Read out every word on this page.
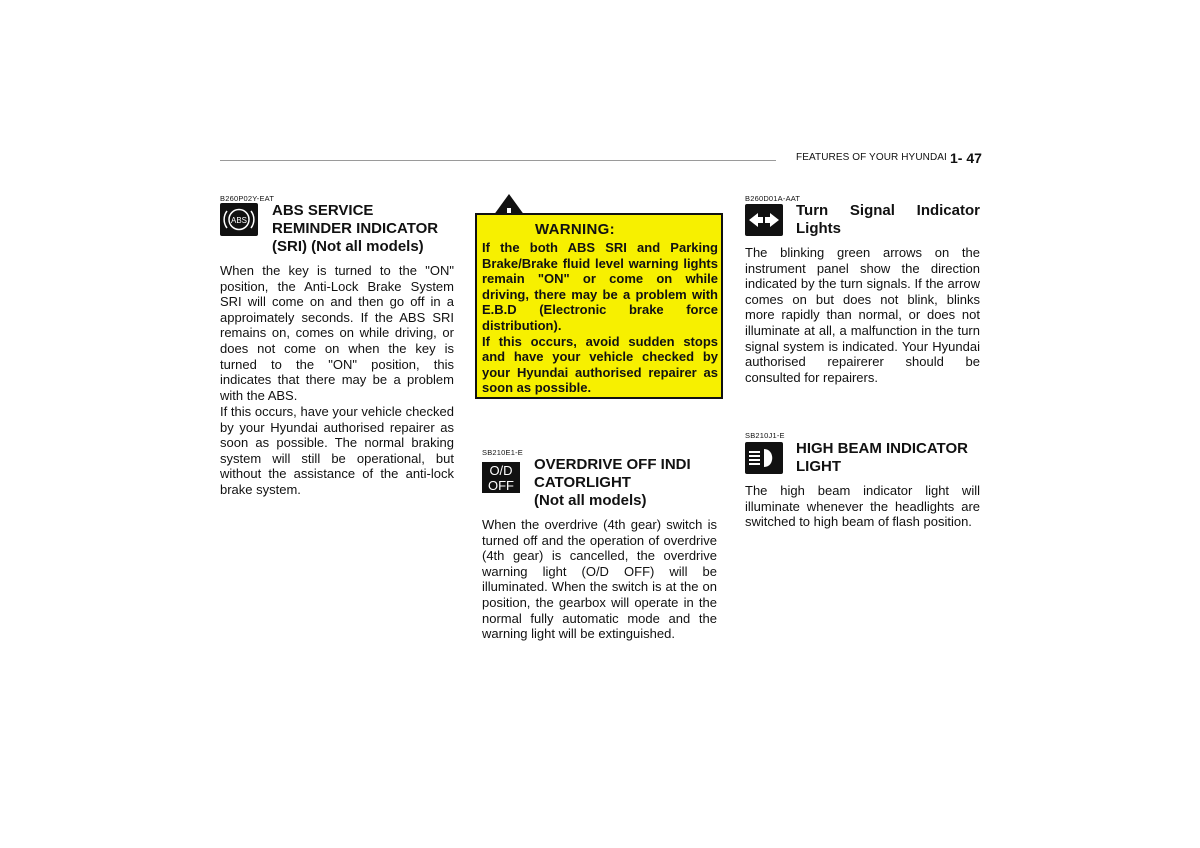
FEATURES OF YOUR HYUNDAI 1- 47
B260P02Y-EAT
ABS
ABS SERVICE
REMINDER INDICATOR
(SRI) (Not all models)

When the key is turned to the "ON" position, the Anti-Lock Brake System SRI will come on and then go off in a approimately seconds. If the ABS SRI remains on, comes on while driving, or does not come on when the key is turned to the "ON" position, this indicates that there may be a problem with the ABS.

If this occurs, have your vehicle checked by your Hyundai authorised repairer as soon as possible. The normal braking system will still be operational, but without the assistance of the anti-lock brake system.

WARNING:

If the both ABS SRI and Parking Brake/Brake fluid level warning lights remain "ON" or come on while driving, there may be a problem with E.B.D (Electronic brake force distribution).

If this occurs, avoid sudden stops and have your vehicle checked by your Hyundai authorised repairer as soon as possible.

SB210E1-E
O/D
OFF
OVERDRIVE OFF INDI
CATORLIGHT
(Not all models)

When the overdrive (4th gear) switch is turned off and the operation of overdrive (4th gear) is cancelled, the overdrive warning light (O/D OFF) will be illuminated. When the switch is at the on position, the gearbox will operate in the normal fully automatic mode and the warning light will be extinguished.

B260D01A-AAT
Turn Signal Indicator
Lights

The blinking green arrows on the instrument panel show the direction indicated by the turn signals. If the arrow comes on but does not blink, blinks more rapidly than normal, or does not illuminate at all, a malfunction in the turn signal system is indicated. Your Hyundai authorised repairerer should be consulted for repairers.

SB210J1-E
HIGH BEAM INDICATOR
LIGHT

The high beam indicator light will illuminate whenever the headlights are switched to high beam of flash position.
